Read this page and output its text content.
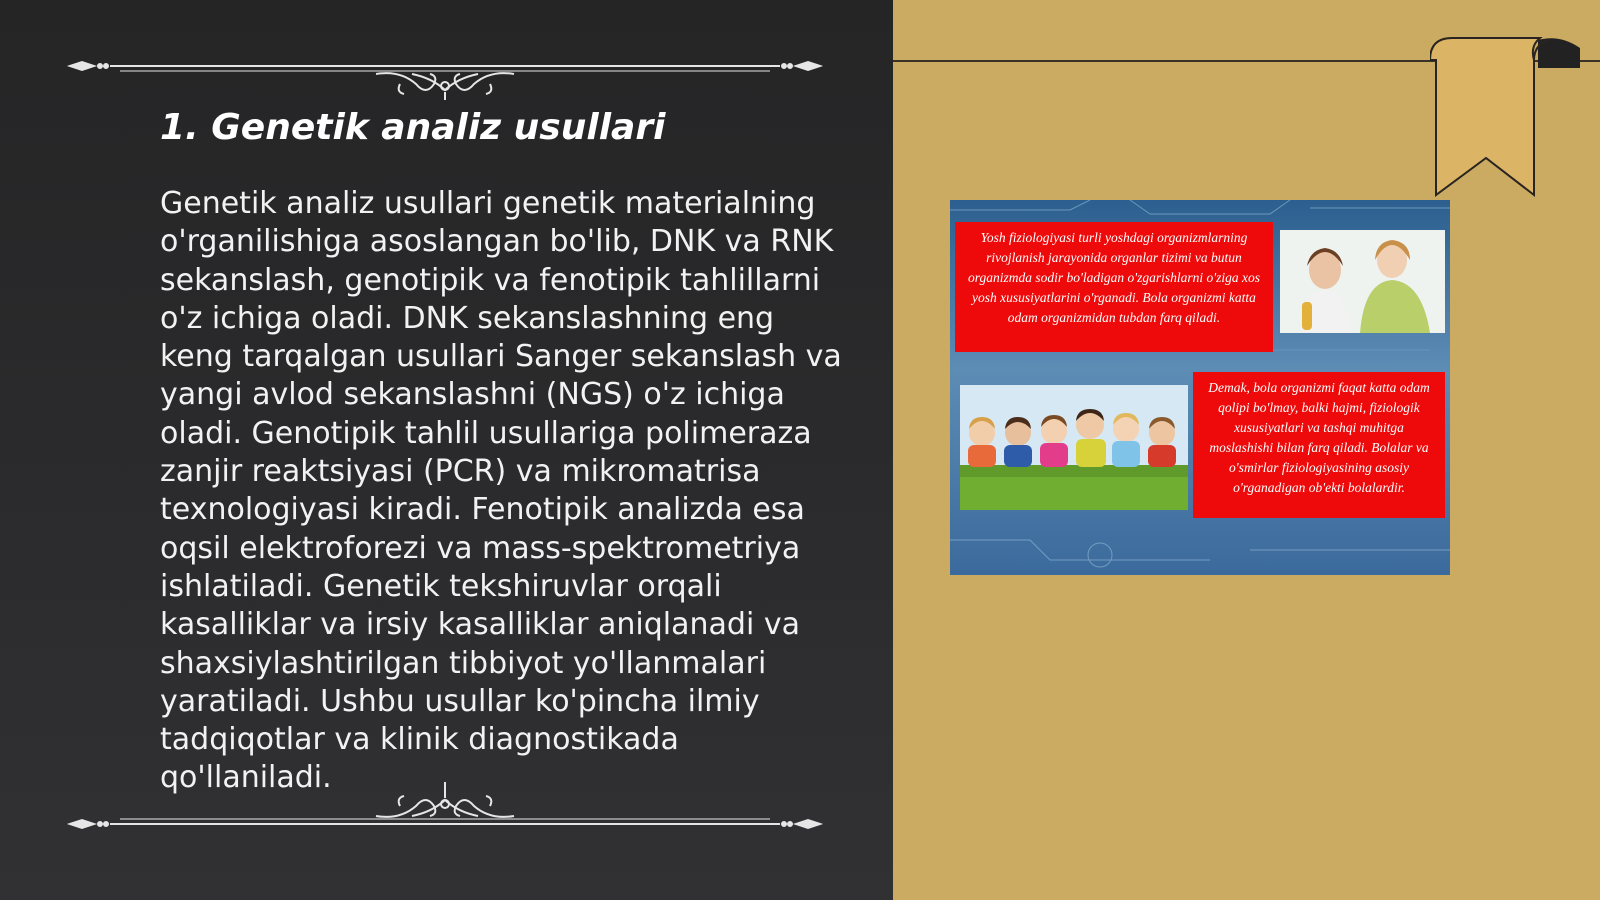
1. Genetik analiz usullari

Genetik analiz usullari genetik materialning o'rganilishiga asoslangan bo'lib, DNK va RNK sekanslash, genotipik va fenotipik tahlillarni o'z ichiga oladi. DNK sekanslashning eng keng tarqalgan usullari Sanger sekanslash va yangi avlod sekanslashni (NGS) o'z ichiga oladi. Genotipik tahlil usullariga polimeraza zanjir reaktsiyasi (PCR) va mikromatrisa texnologiyasi kiradi. Fenotipik analizda esa oqsil elektroforezi va mass-spektrometriya ishlatiladi. Genetik tekshiruvlar orqali kasalliklar va irsiy kasalliklar aniqlanadi va shaxsiylashtirilgan tibbiyot yo'llanmalari yaratiladi. Ushbu usullar ko'pincha ilmiy tadqiqotlar va klinik diagnostikada qo'llaniladi.

Yosh fiziologiyasi turli yoshdagi organizmlarning rivojlanish jarayonida organlar tizimi va butun organizmda sodir bo'ladigan o'zgarishlarni o'ziga xos yosh xususiyatlarini o'rganadi. Bola organizmi katta odam organizmidan tubdan farq qiladi.
Demak, bola organizmi faqat katta odam qolipi bo'lmay, balki hajmi, fiziologik xususiyatlari va tashqi muhitga moslashishi bilan farq qiladi. Bolalar va o'smirlar fiziologiyasining asosiy o'rganadigan ob'ekti bolalardir.
